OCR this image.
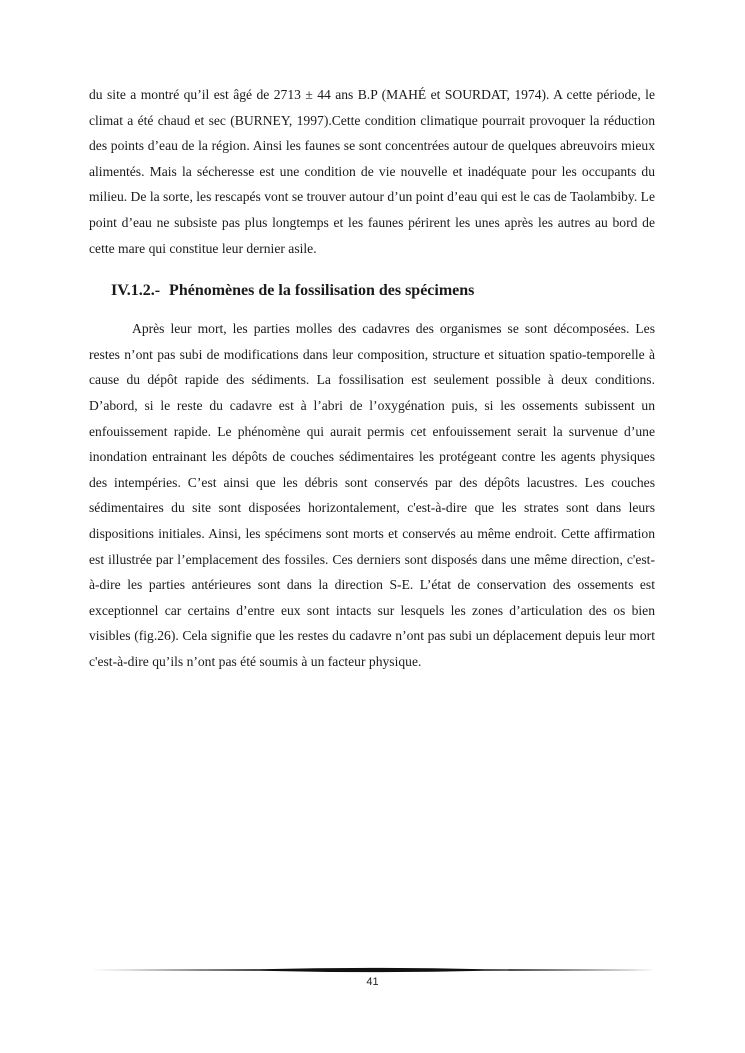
du site a montré qu’il est âgé de 2713 ± 44 ans B.P (MAHÉ et SOURDAT, 1974). A cette période, le climat a été chaud et sec (BURNEY, 1997).Cette condition climatique pourrait provoquer la réduction des points d’eau de la région. Ainsi les faunes se sont concentrées autour de quelques abreuvoirs mieux alimentés. Mais la sécheresse est une condition de vie nouvelle et inadéquate pour les occupants du milieu. De la sorte, les rescapés vont se trouver autour d’un point d’eau qui est le cas de Taolambiby. Le point d’eau ne subsiste pas plus longtemps et les faunes périrent les unes après les autres au bord de cette mare qui constitue leur dernier asile.

IV.1.2.- Phénomènes de la fossilisation des spécimens

Après leur mort, les parties molles des cadavres des organismes se sont décomposées. Les restes n’ont pas subi de modifications dans leur composition, structure et situation spatio-temporelle à cause du dépôt rapide des sédiments. La fossilisation est seulement possible à deux conditions. D’abord, si le reste du cadavre est à l’abri de l’oxygénation puis, si les ossements subissent un enfouissement rapide. Le phénomène qui aurait permis cet enfouissement serait la survenue d’une inondation entrainant les dépôts de couches sédimentaires les protégeant contre les agents physiques des intempéries. C’est ainsi que les débris sont conservés par des dépôts lacustres. Les couches sédimentaires du site sont disposées horizontalement, c'est-à-dire que les strates sont dans leurs dispositions initiales. Ainsi, les spécimens sont morts et conservés au même endroit. Cette affirmation est illustrée par l’emplacement des fossiles. Ces derniers sont disposés dans une même direction, c'est-à-dire les parties antérieures sont dans la direction S-E. L’état de conservation des ossements est exceptionnel car certains d’entre eux sont intacts sur lesquels les zones d’articulation des os bien visibles (fig.26). Cela signifie que les restes du cadavre n’ont pas subi un déplacement depuis leur mort c'est-à-dire qu’ils n’ont pas été soumis à un facteur physique.

41
